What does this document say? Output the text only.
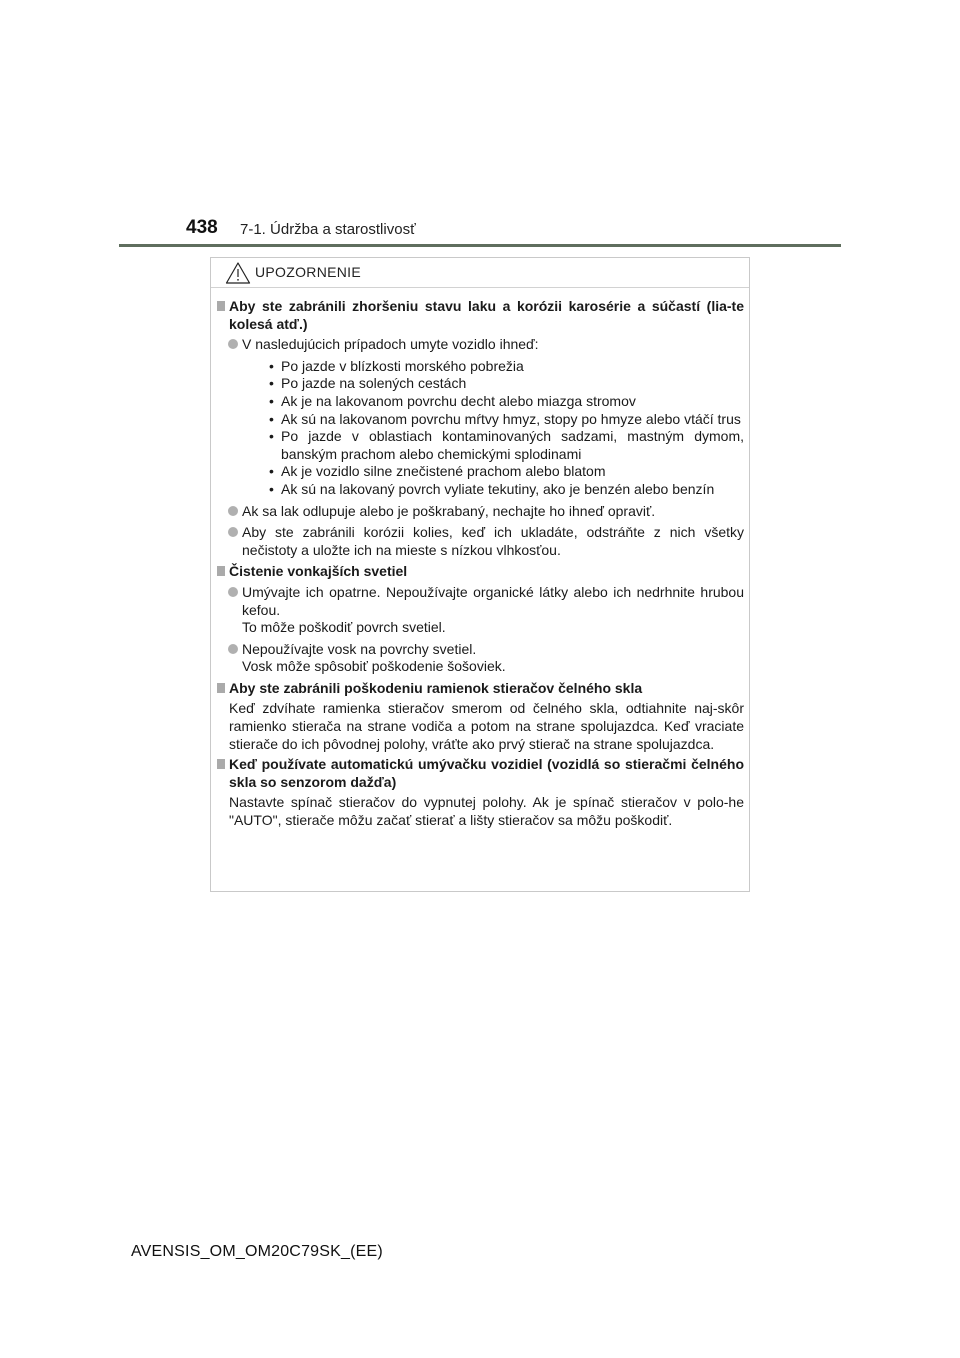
438 7-1. Údržba a starostlivosť
UPOZORNENIE
Aby ste zabránili zhoršeniu stavu laku a korózii karosérie a súčastí (lia-te kolesá atď.)
V nasledujúcich prípadoch umyte vozidlo ihneď:
• Po jazde v blízkosti morského pobrežia
• Po jazde na solených cestách
• Ak je na lakovanom povrchu decht alebo miazga stromov
• Ak sú na lakovanom povrchu mŕtvy hmyz, stopy po hmyze alebo vtáčí trus
• Po jazde v oblastiach kontaminovaných sadzami, mastným dymom, banským prachom alebo chemickými splodinami
• Ak je vozidlo silne znečistené prachom alebo blatom
• Ak sú na lakovaný povrch vyliate tekutiny, ako je benzén alebo benzín
Ak sa lak odlupuje alebo je poškrabaný, nechajte ho ihneď opraviť.
Aby ste zabránili korózii kolies, keď ich ukladáte, odstráňte z nich všetky nečistoty a uložte ich na mieste s nízkou vlhkosťou.
Čistenie vonkajších svetiel
Umývajte ich opatrne. Nepoužívajte organické látky alebo ich nedrhnite hrubou kefou.
To môže poškodiť povrch svetiel.
Nepoužívajte vosk na povrchy svetiel.
Vosk môže spôsobiť poškodenie šošoviek.
Aby ste zabránili poškodeniu ramienok stieračov čelného skla
Keď zdvíhate ramienka stieračov smerom od čelného skla, odtiahnite naj-skôr ramienko stierača na strane vodiča a potom na strane spolujazdca. Keď vraciate stierače do ich pôvodnej polohy, vráťte ako prvý stierač na strane spolujazdca.
Keď používate automatickú umývačku vozidiel (vozidlá so stieračmi čelného skla so senzorom dažďa)
Nastavte spínač stieračov do vypnutej polohy. Ak je spínač stieračov v polo-he "AUTO", stierače môžu začať stierať a lišty stieračov sa môžu poškodiť.
AVENSIS_OM_OM20C79SK_(EE)
